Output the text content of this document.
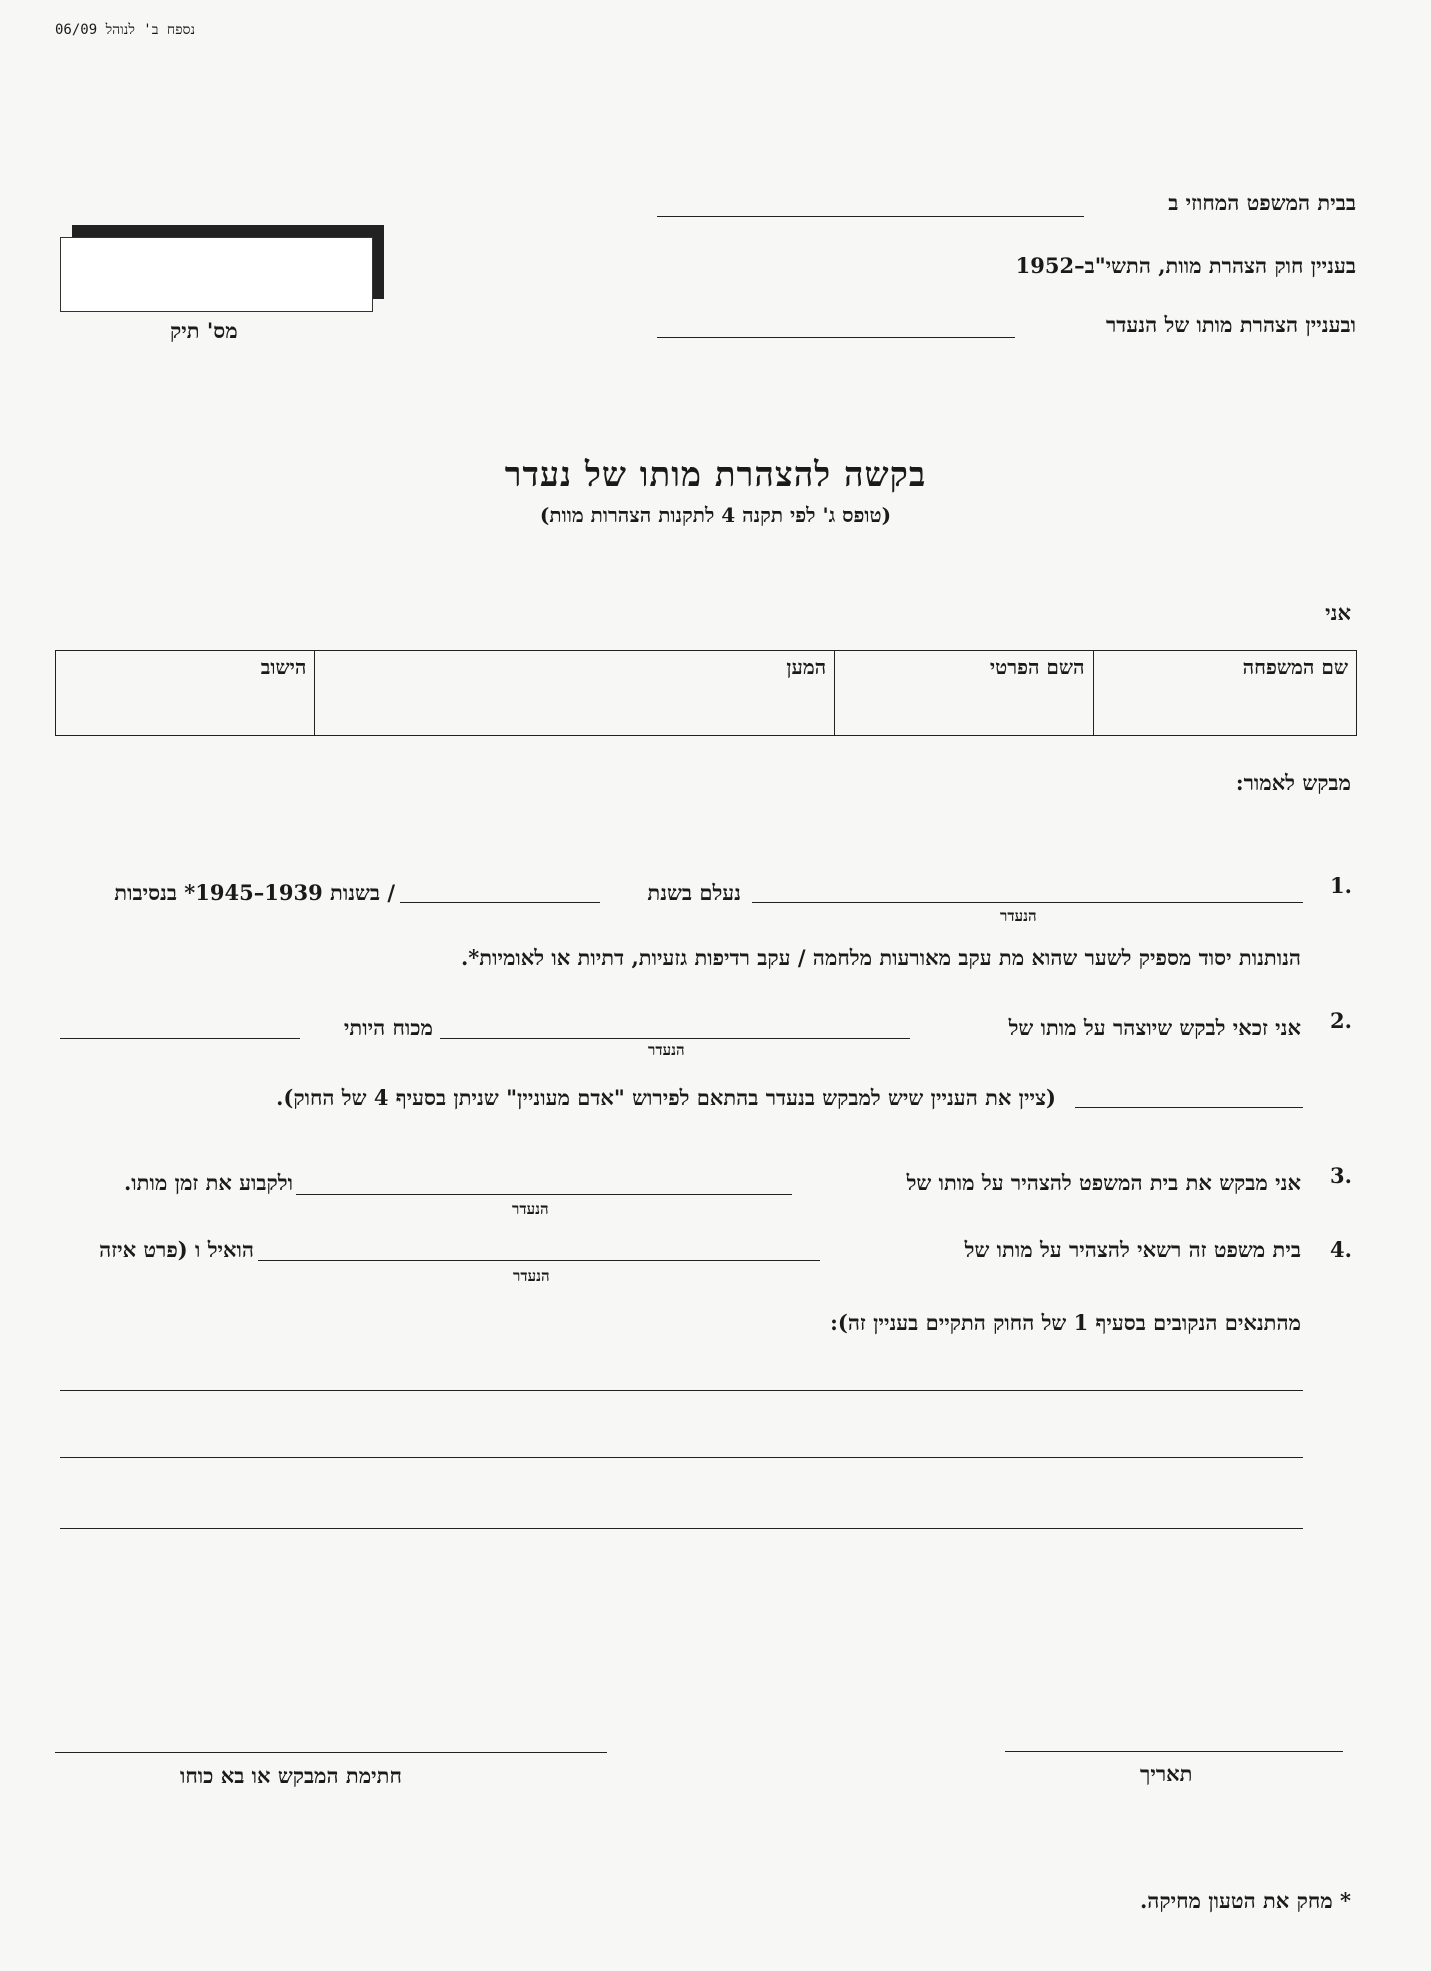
נספח ב' לנוהל 06/09
מס' תיק
בבית המשפט המחוזי ב
בעניין חוק הצהרת מוות, התשי"ב–1952
ובעניין הצהרת מותו של הנעדר
בקשה להצהרת מותו של נעדר
(טופס ג' לפי תקנה 4 לתקנות הצהרות מוות)
אני
שם המשפחה	השם הפרטי	המען	הישוב
מבקש לאמור:
1.
הנעדר
נעלם בשנת
/ בשנות 1939–1945* בנסיבות
הנותנות יסוד מספיק לשער שהוא מת עקב מאורעות מלחמה / עקב רדיפות גזעיות, דתיות או לאומיות*.
2.
אני זכאי לבקש שיוצהר על מותו של
הנעדר
מכוח היותי
(ציין את העניין שיש למבקש בנעדר בהתאם לפירוש "אדם מעוניין" שניתן בסעיף 4 של החוק).
3.
אני מבקש את בית המשפט להצהיר על מותו של
הנעדר
ולקבוע את זמן מותו.
4.
בית משפט זה רשאי להצהיר על מותו של
הנעדר
הואיל ו (פרט איזה
מהתנאים הנקובים בסעיף 1 של החוק התקיים בעניין זה):
תאריך
חתימת המבקש או בא כוחו
* מחק את הטעון מחיקה.
